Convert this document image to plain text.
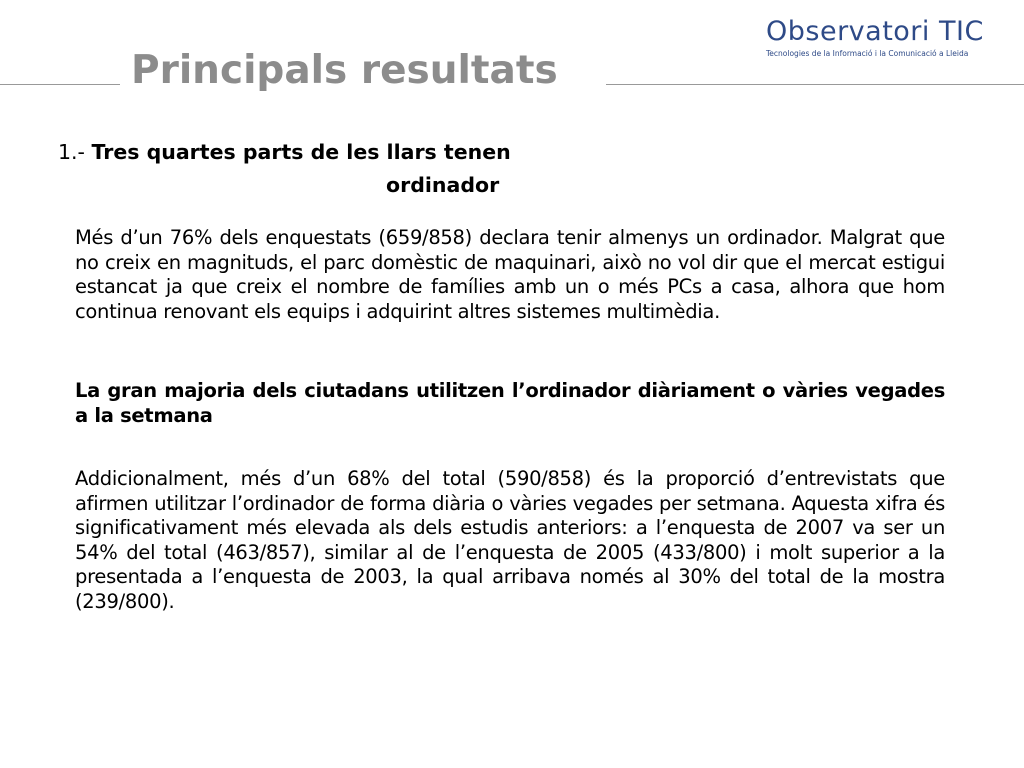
Principals resultats
Observatori TIC
Tecnologies de la Informació i la Comunicació a Lleida
1.- Tres quartes parts de les llars tenen
ordinador

Més d’un 76% dels enquestats (659/858) declara tenir almenys un ordinador. Malgrat que no creix en magnituds, el parc domèstic de maquinari, això no vol dir que el mercat estigui estancat ja que creix el nombre de famílies amb un o més PCs a casa, alhora que hom continua renovant els equips i adquirint altres sistemes multimèdia.

La gran majoria dels ciutadans utilitzen l’ordinador diàriament o vàries vegades a la setmana

Addicionalment, més d’un 68% del total (590/858) és la proporció d’entrevistats que afirmen utilitzar l’ordinador de forma diària o vàries vegades per setmana. Aquesta xifra és significativament més elevada als dels estudis anteriors: a l’enquesta de 2007 va ser un 54% del total (463/857), similar al de l’enquesta de 2005 (433/800) i molt superior a la presentada a l’enquesta de 2003, la qual arribava només al 30% del total de la mostra (239/800).
